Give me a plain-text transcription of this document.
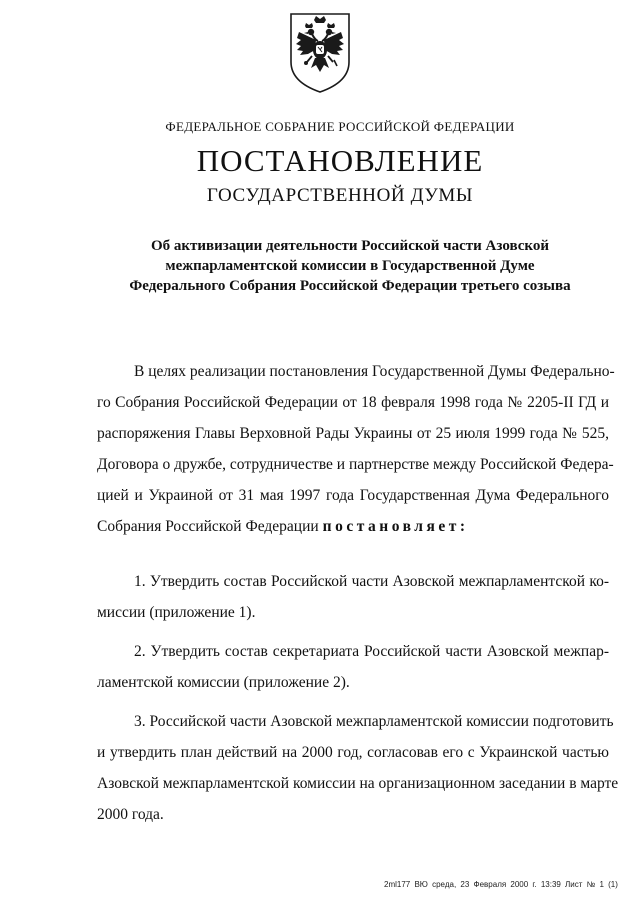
ФЕДЕРАЛЬНОЕ СОБРАНИЕ РОССИЙСКОЙ ФЕДЕРАЦИИ
ПОСТАНОВЛЕНИЕ
ГОСУДАРСТВЕННОЙ ДУМЫ
Об активизации деятельности Российской части Азовской
межпарламентской комиссии в Государственной Думе
Федерального Собрания Российской Федерации третьего созыва
В целях реализации постановления Государственной Думы Федерально-
го Собрания Российской Федерации от 18 февраля 1998 года № 2205-II ГД и
распоряжения Главы Верховной Рады Украины от 25 июля 1999 года № 525,
Договора о дружбе, сотрудничестве и партнерстве между Российской Федера-
цией и Украиной от 31 мая 1997 года Государственная Дума Федерального
Собрания Российской Федерации постановляет:
1. Утвердить состав Российской части Азовской межпарламентской ко-
миссии (приложение 1).
2. Утвердить состав секретариата Российской части Азовской межпар-
ламентской комиссии (приложение 2).
3. Российской части Азовской межпарламентской комиссии подготовить
и утвердить план действий на 2000 год, согласовав его с Украинской частью
Азовской межпарламентской комиссии на организационном заседании в марте
2000 года.
2ml177 ВЮ среда, 23 Февраля 2000 г. 13:39 Лист № 1 (1)
